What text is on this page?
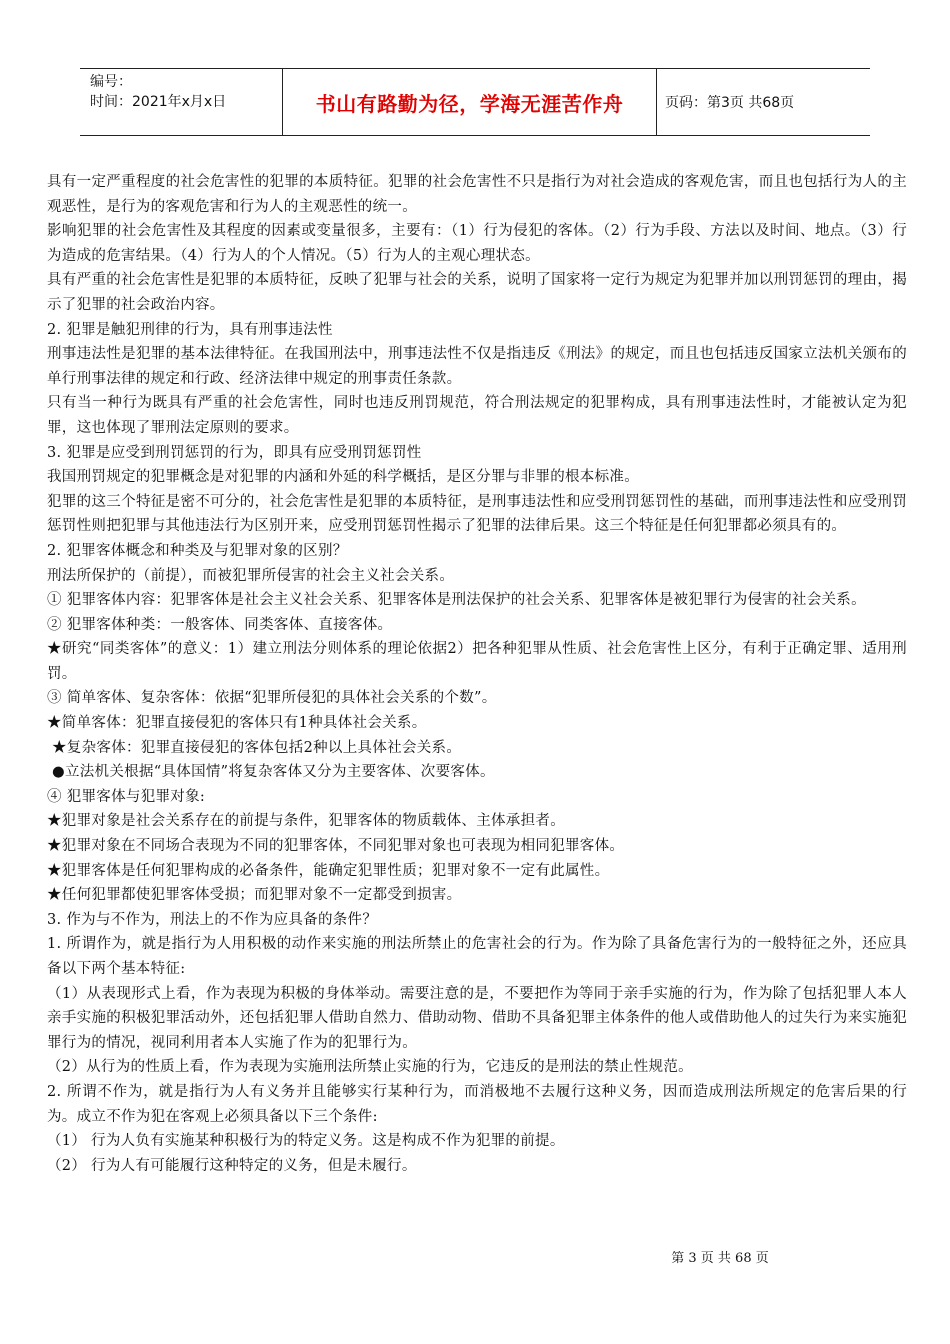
编号：
时间：2021年x月x日	书山有路勤为径，学海无涯苦作舟	页码：第3页 共68页

具有一定严重程度的社会危害性的犯罪的本质特征。犯罪的社会危害性不只是指行为对社会造成的客观危害，而且也包括行为人的主观恶性，是行为的客观危害和行为人的主观恶性的统一。

影响犯罪的社会危害性及其程度的因素或变量很多，主要有：（1）行为侵犯的客体。（2）行为手段、方法以及时间、地点。（3）行为造成的危害结果。（4）行为人的个人情况。（5）行为人的主观心理状态。

具有严重的社会危害性是犯罪的本质特征，反映了犯罪与社会的关系，说明了国家将一定行为规定为犯罪并加以刑罚惩罚的理由，揭示了犯罪的社会政治内容。

2. 犯罪是触犯刑律的行为，具有刑事违法性

刑事违法性是犯罪的基本法律特征。在我国刑法中，刑事违法性不仅是指违反《刑法》的规定，而且也包括违反国家立法机关颁布的单行刑事法律的规定和行政、经济法律中规定的刑事责任条款。

只有当一种行为既具有严重的社会危害性，同时也违反刑罚规范，符合刑法规定的犯罪构成，具有刑事违法性时，才能被认定为犯罪，这也体现了罪刑法定原则的要求。

3. 犯罪是应受到刑罚惩罚的行为，即具有应受刑罚惩罚性

我国刑罚规定的犯罪概念是对犯罪的内涵和外延的科学概括，是区分罪与非罪的根本标准。

犯罪的这三个特征是密不可分的，社会危害性是犯罪的本质特征，是刑事违法性和应受刑罚惩罚性的基础，而刑事违法性和应受刑罚惩罚性则把犯罪与其他违法行为区别开来，应受刑罚惩罚性揭示了犯罪的法律后果。这三个特征是任何犯罪都必须具有的。

2. 犯罪客体概念和种类及与犯罪对象的区别？

刑法所保护的（前提），而被犯罪所侵害的社会主义社会关系。

① 犯罪客体内容：犯罪客体是社会主义社会关系、犯罪客体是刑法保护的社会关系、犯罪客体是被犯罪行为侵害的社会关系。

② 犯罪客体种类：一般客体、同类客体、直接客体。

★研究“同类客体”的意义：1）建立刑法分则体系的理论依据2）把各种犯罪从性质、社会危害性上区分，有利于正确定罪、适用刑罚。

③ 简单客体、复杂客体：依据“犯罪所侵犯的具体社会关系的个数”。

★简单客体：犯罪直接侵犯的客体只有1种具体社会关系。

★复杂客体：犯罪直接侵犯的客体包括2种以上具体社会关系。

●立法机关根据“具体国情”将复杂客体又分为主要客体、次要客体。

④ 犯罪客体与犯罪对象:

★犯罪对象是社会关系存在的前提与条件，犯罪客体的物质载体、主体承担者。

★犯罪对象在不同场合表现为不同的犯罪客体，不同犯罪对象也可表现为相同犯罪客体。

★犯罪客体是任何犯罪构成的必备条件，能确定犯罪性质；犯罪对象不一定有此属性。

★任何犯罪都使犯罪客体受损；而犯罪对象不一定都受到损害。

3. 作为与不作为，刑法上的不作为应具备的条件？

1. 所谓作为，就是指行为人用积极的动作来实施的刑法所禁止的危害社会的行为。作为除了具备危害行为的一般特征之外，还应具备以下两个基本特征:

（1）从表现形式上看，作为表现为积极的身体举动。需要注意的是，不要把作为等同于亲手实施的行为，作为除了包括犯罪人本人亲手实施的积极犯罪活动外，还包括犯罪人借助自然力、借助动物、借助不具备犯罪主体条件的他人或借助他人的过失行为来实施犯罪行为的情况，视同利用者本人实施了作为的犯罪行为。

（2）从行为的性质上看，作为表现为实施刑法所禁止实施的行为，它违反的是刑法的禁止性规范。

2. 所谓不作为，就是指行为人有义务并且能够实行某种行为，而消极地不去履行这种义务，因而造成刑法所规定的危害后果的行为。成立不作为犯在客观上必须具备以下三个条件:

（1） 行为人负有实施某种积极行为的特定义务。这是构成不作为犯罪的前提。

（2） 行为人有可能履行这种特定的义务，但是未履行。

第 3 页 共 68 页
